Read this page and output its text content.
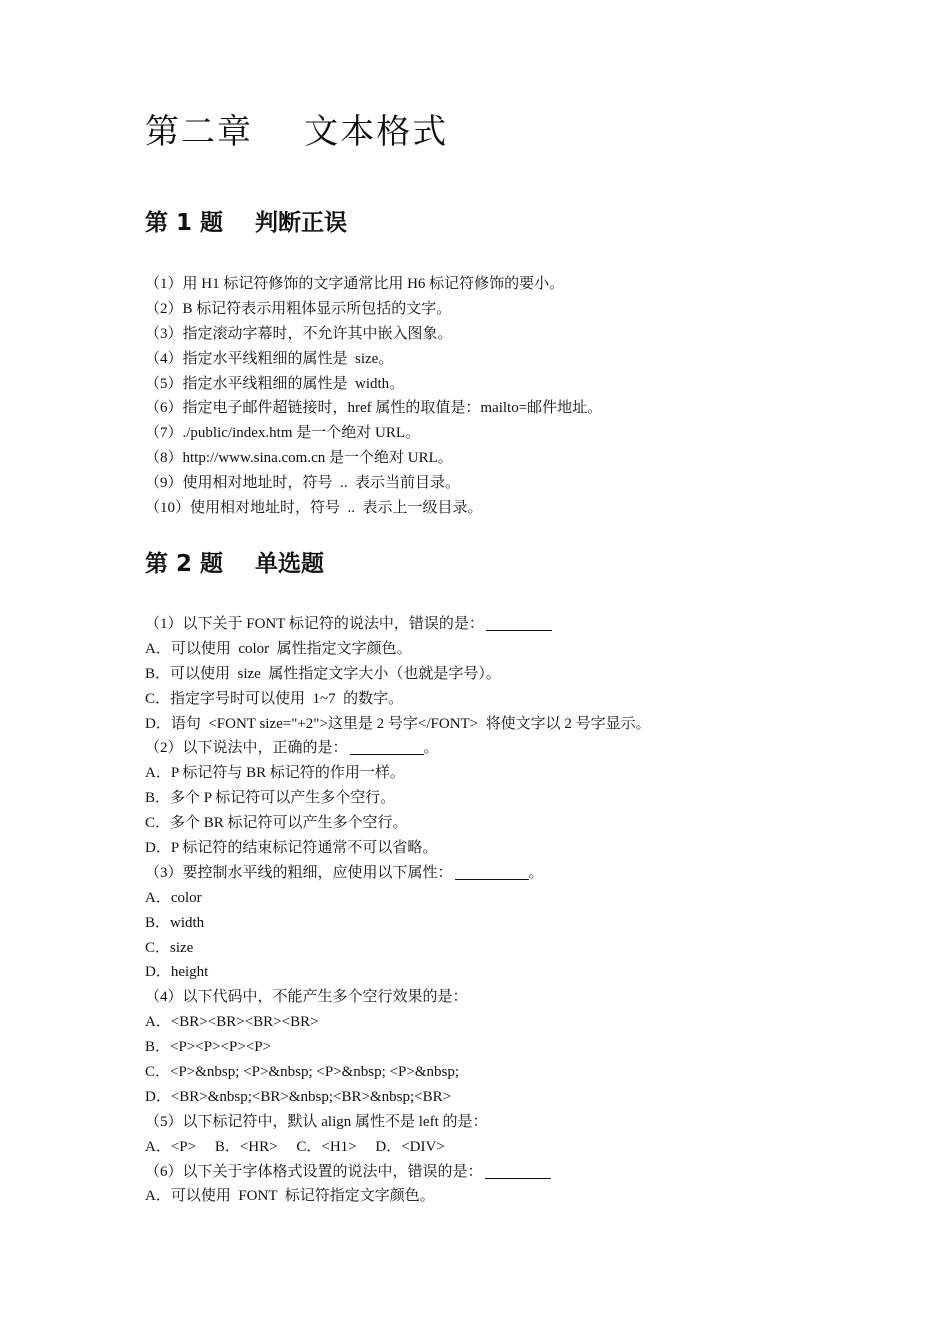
第二章    文本格式
第 1 题    判断正误
（1）用 H1 标记符修饰的文字通常比用 H6 标记符修饰的要小。
（2）B 标记符表示用粗体显示所包括的文字。
（3）指定滚动字幕时，不允许其中嵌入图象。
（4）指定水平线粗细的属性是  size。
（5）指定水平线粗细的属性是  width。
（6）指定电子邮件超链接时，href 属性的取值是：mailto=邮件地址。
（7）./public/index.htm 是一个绝对 URL。
（8）http://www.sina.com.cn 是一个绝对 URL。
（9）使用相对地址时，符号  ..  表示当前目录。
（10）使用相对地址时，符号  ..  表示上一级目录。
第 2 题    单选题
（1）以下关于 FONT 标记符的说法中，错误的是：
A．可以使用  color  属性指定文字颜色。
B．可以使用  size  属性指定文字大小（也就是字号）。
C．指定字号时可以使用  1~7  的数字。
D．语句  <FONT size="+2">这里是 2 号字</FONT>  将使文字以 2 号字显示。
（2）以下说法中，正确的是：	。
A．P 标记符与 BR 标记符的作用一样。
B．多个 P 标记符可以产生多个空行。
C．多个 BR 标记符可以产生多个空行。
D．P 标记符的结束标记符通常不可以省略。
（3）要控制水平线的粗细，应使用以下属性：	。
A．color
B．width
C．size
D．height
（4）以下代码中，不能产生多个空行效果的是：
A．<BR><BR><BR><BR>
B．<P><P><P><P>
C．<P>&nbsp; <P>&nbsp; <P>&nbsp; <P>&nbsp;
D．<BR>&nbsp;<BR>&nbsp;<BR>&nbsp;<BR>
（5）以下标记符中，默认 align 属性不是 left 的是：
A．<P>     B．<HR>     C．<H1>     D．<DIV>
（6）以下关于字体格式设置的说法中，错误的是：
A．可以使用  FONT  标记符指定文字颜色。
